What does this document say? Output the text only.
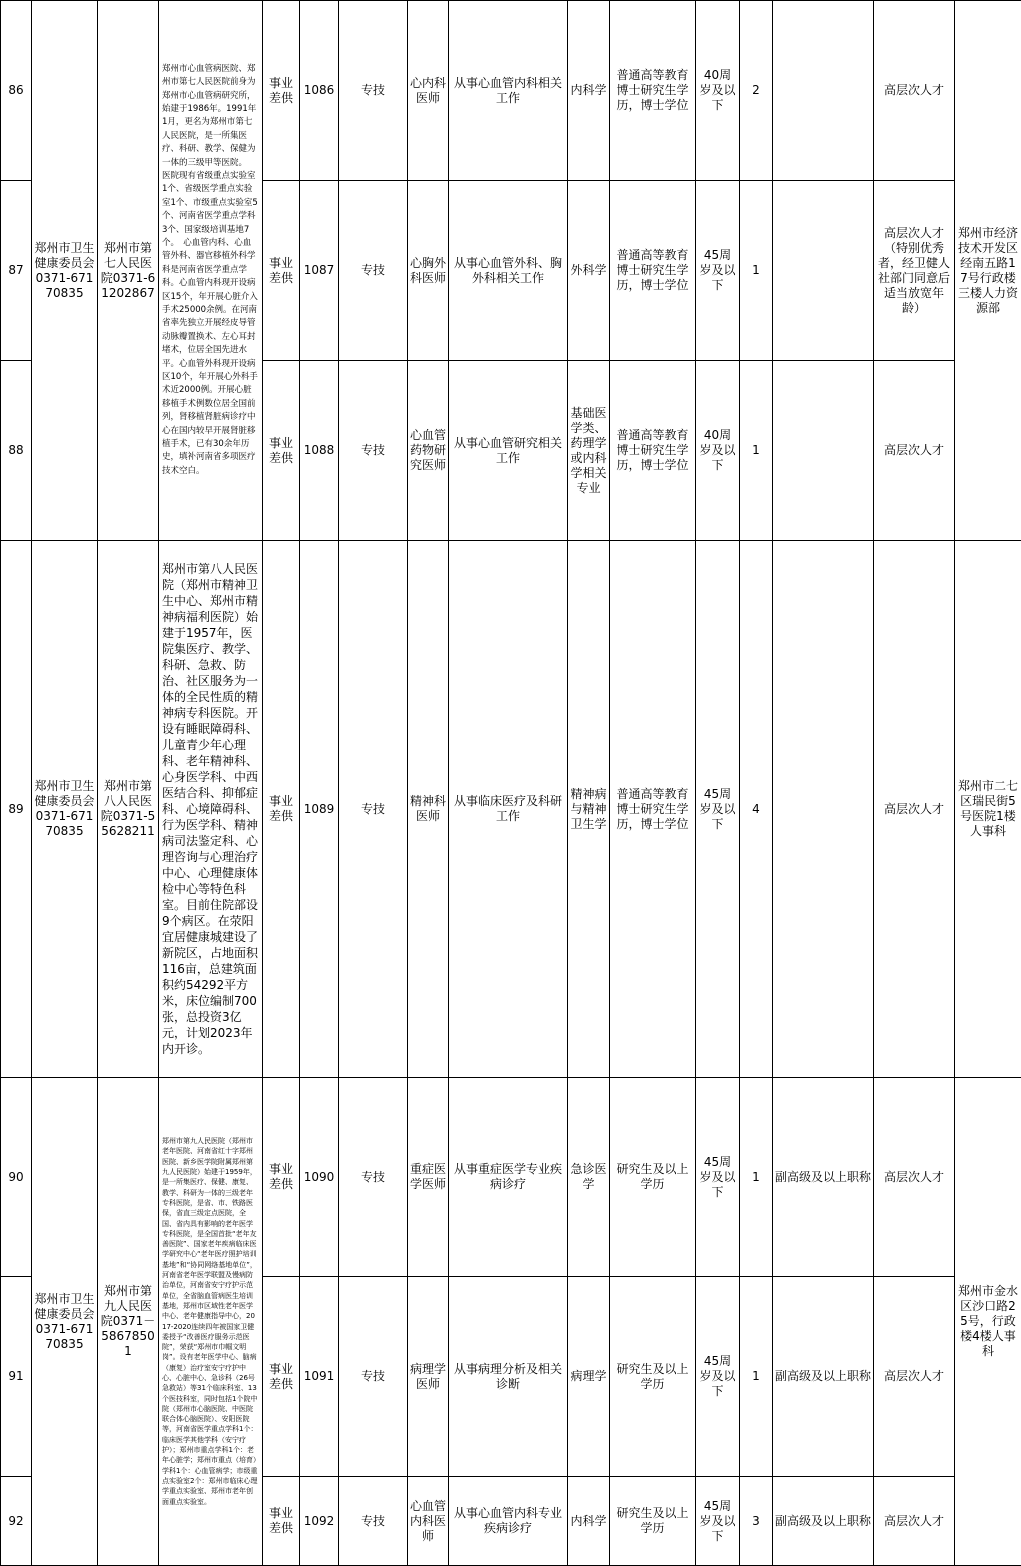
86	郑州市卫生健康委员会0371-67170835	郑州市第七人民医院0371-61202867	郑州市心血管病医院、郑州市第七人民医院前身为郑州市心血管病研究所，始建于1986年。1991年1月，更名为郑州市第七人民医院，是一所集医疗、科研、教学、保健为一体的三级甲等医院。　医院现有省级重点实验室1个、省级医学重点实验室1个、市级重点实验室5个、河南省医学重点学科3个、国家级培训基地7个。　心血管内科、心血管外科、器官移植外科学科是河南省医学重点学科。心血管内科现开设病区15个，年开展心脏介入手术25000余例。在河南省率先独立开展经皮导管动脉瓣置换术、左心耳封堵术，位居全国先进水平。心血管外科现开设病区10个，年开展心外科手术近2000例。开展心脏移植手术例数位居全国前列，肾移植肾脏病诊疗中心在国内较早开展肾脏移植手术，已有30余年历史，填补河南省多项医疗技术空白。	事业差供	1086	专技	心内科医师	从事心血管内科相关工作	内科学	普通高等教育博士研究生学历，博士学位	40周岁及以下	2		高层次人才	郑州市经济技术开发区经南五路17号行政楼三楼人力资源部
87				事业差供	1087	专技	心胸外科医师	从事心血管外科、胸外科相关工作	外科学	普通高等教育博士研究生学历，博士学位	45周岁及以下	1		高层次人才（特别优秀者，经卫健人社部门同意后适当放宽年龄）	
88				事业差供	1088	专技	心血管药物研究医师	从事心血管研究相关工作	基础医学类、药理学或内科学相关专业	普通高等教育博士研究生学历，博士学位	40周岁及以下	1		高层次人才	
89	郑州市卫生健康委员会0371-67170835	郑州市第八人民医院0371-55628211	郑州市第八人民医院（郑州市精神卫生中心、郑州市精神病福利医院）始建于1957年，医院集医疗、教学、科研、急救、防治、社区服务为一体的全民性质的精神病专科医院。开设有睡眠障碍科、儿童青少年心理科、老年精神科、心身医学科、中西医结合科、抑郁症科、心境障碍科、行为医学科、精神病司法鉴定科、心理咨询与心理治疗中心、心理健康体检中心等特色科室。目前住院部设9个病区。在荥阳宜居健康城建设了新院区，占地面积116亩，总建筑面积约54292平方米，床位编制700张，总投资3亿元，计划2023年内开诊。	事业差供	1089	专技	精神科医师	从事临床医疗及科研工作	精神病与精神卫生学	普通高等教育博士研究生学历，博士学位	45周岁及以下	4		高层次人才	郑州市二七区瑞民街5号医院1楼人事科
90	郑州市卫生健康委员会0371-67170835	郑州市第九人民医院0371－58678501	郑州市第九人民医院（郑州市老年医院、河南省红十字郑州医院、新乡医学院附属郑州第九人民医院）始建于1959年，是一所集医疗、保健、康复、教学、科研为一体的三级老年专科医院，是省、市、铁路医保，省直三级定点医院，全国、省内具有影响的老年医学专科医院，是全国首批“老年友善医院”、国家老年疾病临床医学研究中心“老年医疗照护培训基地”和“协同网络基地单位”，河南省老年医学联盟及慢病防治单位，河南省安宁疗护示范单位，全省脑血管病医生培训基地，郑州市区域性老年医学中心、老年健康指导中心，2017-2020连续四年被国家卫健委授予“改善医疗服务示范医院”，荣获“郑州市巾帼文明岗”。设有老年医学中心、脑病（康复）治疗室安宁疗护中心、心脏中心、急诊科（26号急救站）等31个临床科室、13个医技科室，同时包括1个院中院（郑州市心脑医院、中医院联合体心脑医院）、安阳医院等，河南省医学重点学科1个：临床医学其他学科（安宁疗护）；郑州市重点学科1个：老年心脏学；郑州市重点（培育）学科1个：心血管病学；市级重点实验室2个：郑州市临床心理学重点实验室、郑州市老年创面重点实验室。	事业差供	1090	专技	重症医学医师	从事重症医学专业疾病诊疗	急诊医学	研究生及以上学历	45周岁及以下	1	副高级及以上职称	高层次人才	郑州市金水区沙口路25号，行政楼4楼人事科
91				事业差供	1091	专技	病理学医师	从事病理分析及相关诊断	病理学	研究生及以上学历	45周岁及以下	1	副高级及以上职称	高层次人才	
92				事业差供	1092	专技	心血管内科医师	从事心血管内科专业疾病诊疗	内科学	研究生及以上学历	45周岁及以下	3	副高级及以上职称	高层次人才	
